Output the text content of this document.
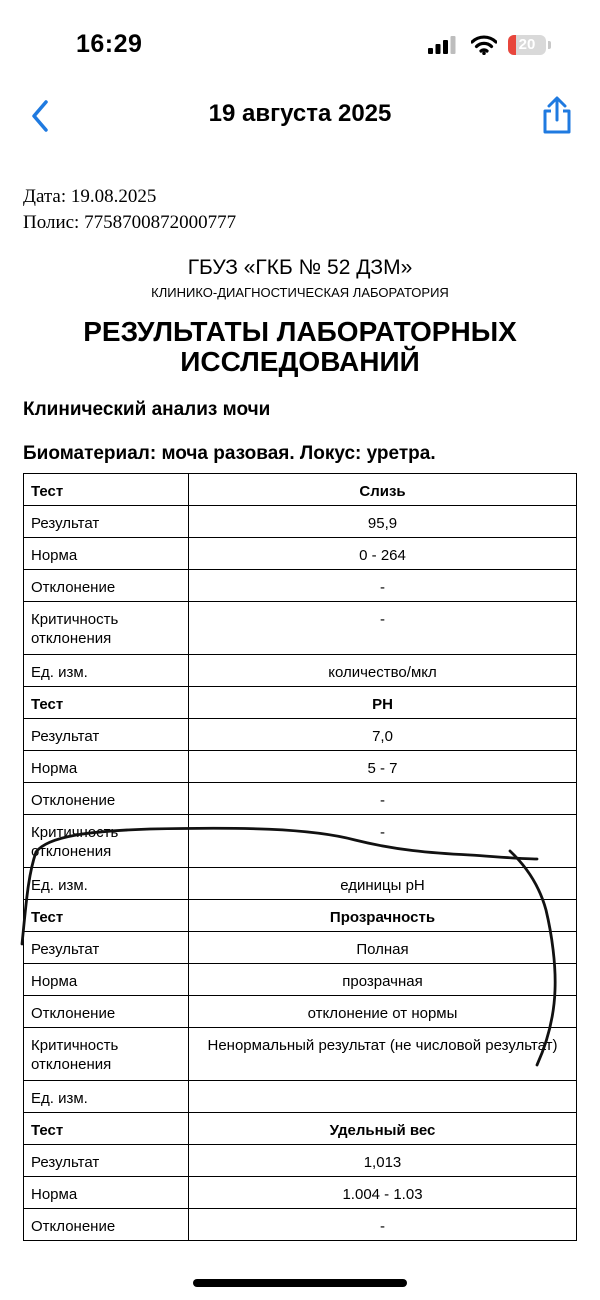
16:29	20
19 августа 2025
Дата: 19.08.2025
Полис: 7758700872000777
ГБУЗ «ГКБ № 52 ДЗМ»
КЛИНИКО-ДИАГНОСТИЧЕСКАЯ ЛАБОРАТОРИЯ
РЕЗУЛЬТАТЫ ЛАБОРАТОРНЫХ ИССЛЕДОВАНИЙ
Клинический анализ мочи
Биоматериал: моча разовая. Локус: уретра.
Тест	Слизь
Результат	95,9
Норма	0 - 264
Отклонение	-
Критичность отклонения	-
Ед. изм.	количество/мкл
Тест	PH
Результат	7,0
Норма	5 - 7
Отклонение	-
Критичность отклонения	-
Ед. изм.	единицы pH
Тест	Прозрачность
Результат	Полная
Норма	прозрачная
Отклонение	отклонение от нормы
Критичность отклонения	Ненормальный результат (не числовой результат)
Ед. изм.	
Тест	Удельный вес
Результат	1,013
Норма	1.004 - 1.03
Отклонение	-
